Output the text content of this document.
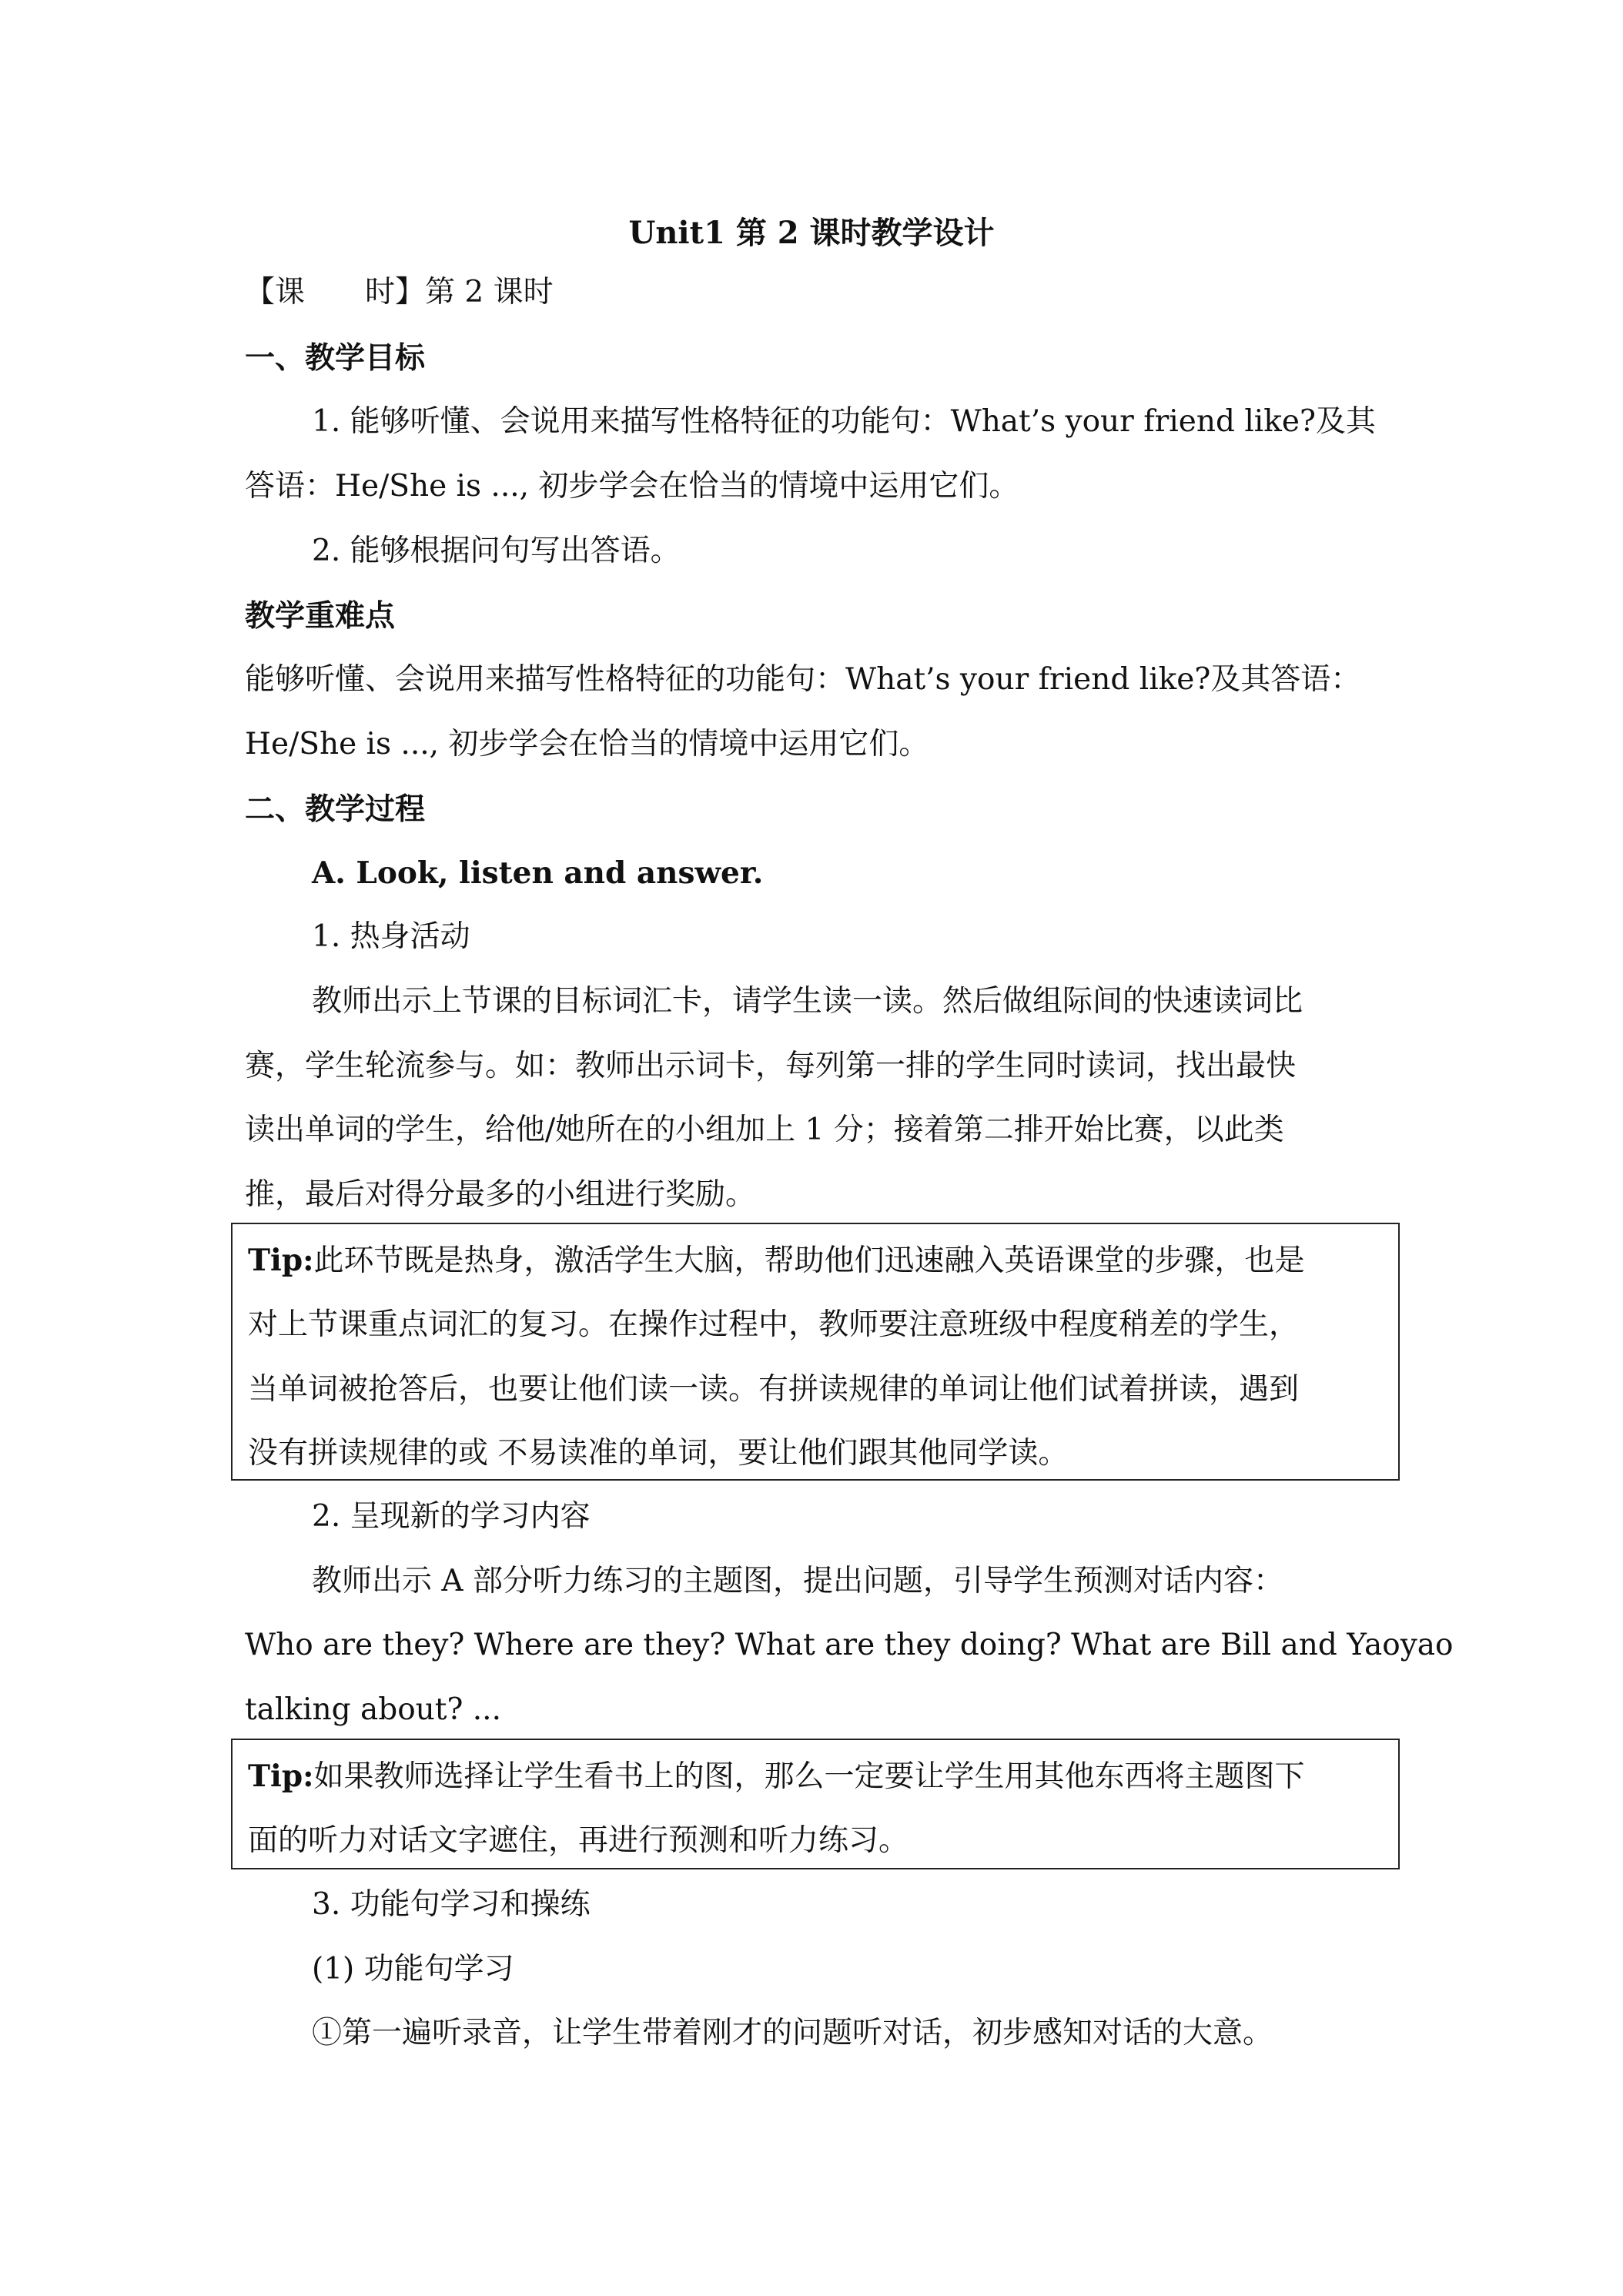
Unit1 第 2 课时教学设计
【课　　时】第 2 课时
一、教学目标
1. 能够听懂、会说用来描写性格特征的功能句：What’s your friend like?及其
答语：He/She is ..., 初步学会在恰当的情境中运用它们。
2. 能够根据问句写出答语。
教学重难点
能够听懂、会说用来描写性格特征的功能句：What’s your friend like?及其答语：
He/She is ..., 初步学会在恰当的情境中运用它们。
二、教学过程
A. Look, listen and answer.
1. 热身活动
教师出示上节课的目标词汇卡，请学生读一读。然后做组际间的快速读词比
赛，学生轮流参与。如：教师出示词卡，每列第一排的学生同时读词，找出最快
读出单词的学生，给他/她所在的小组加上 1 分；接着第二排开始比赛，以此类
推，最后对得分最多的小组进行奖励。
Tip:此环节既是热身，激活学生大脑，帮助他们迅速融入英语课堂的步骤，也是
对上节课重点词汇的复习。在操作过程中，教师要注意班级中程度稍差的学生，
当单词被抢答后，也要让他们读一读。有拼读规律的单词让他们试着拼读，遇到
没有拼读规律的或 不易读准的单词，要让他们跟其他同学读。
2. 呈现新的学习内容
教师出示 A 部分听力练习的主题图，提出问题，引导学生预测对话内容：
Who are they? Where are they? What are they doing? What are Bill and Yaoyao
talking about? ...
Tip:如果教师选择让学生看书上的图，那么一定要让学生用其他东西将主题图下
面的听力对话文字遮住，再进行预测和听力练习。
3. 功能句学习和操练
(1) 功能句学习
①第一遍听录音，让学生带着刚才的问题听对话，初步感知对话的大意。
